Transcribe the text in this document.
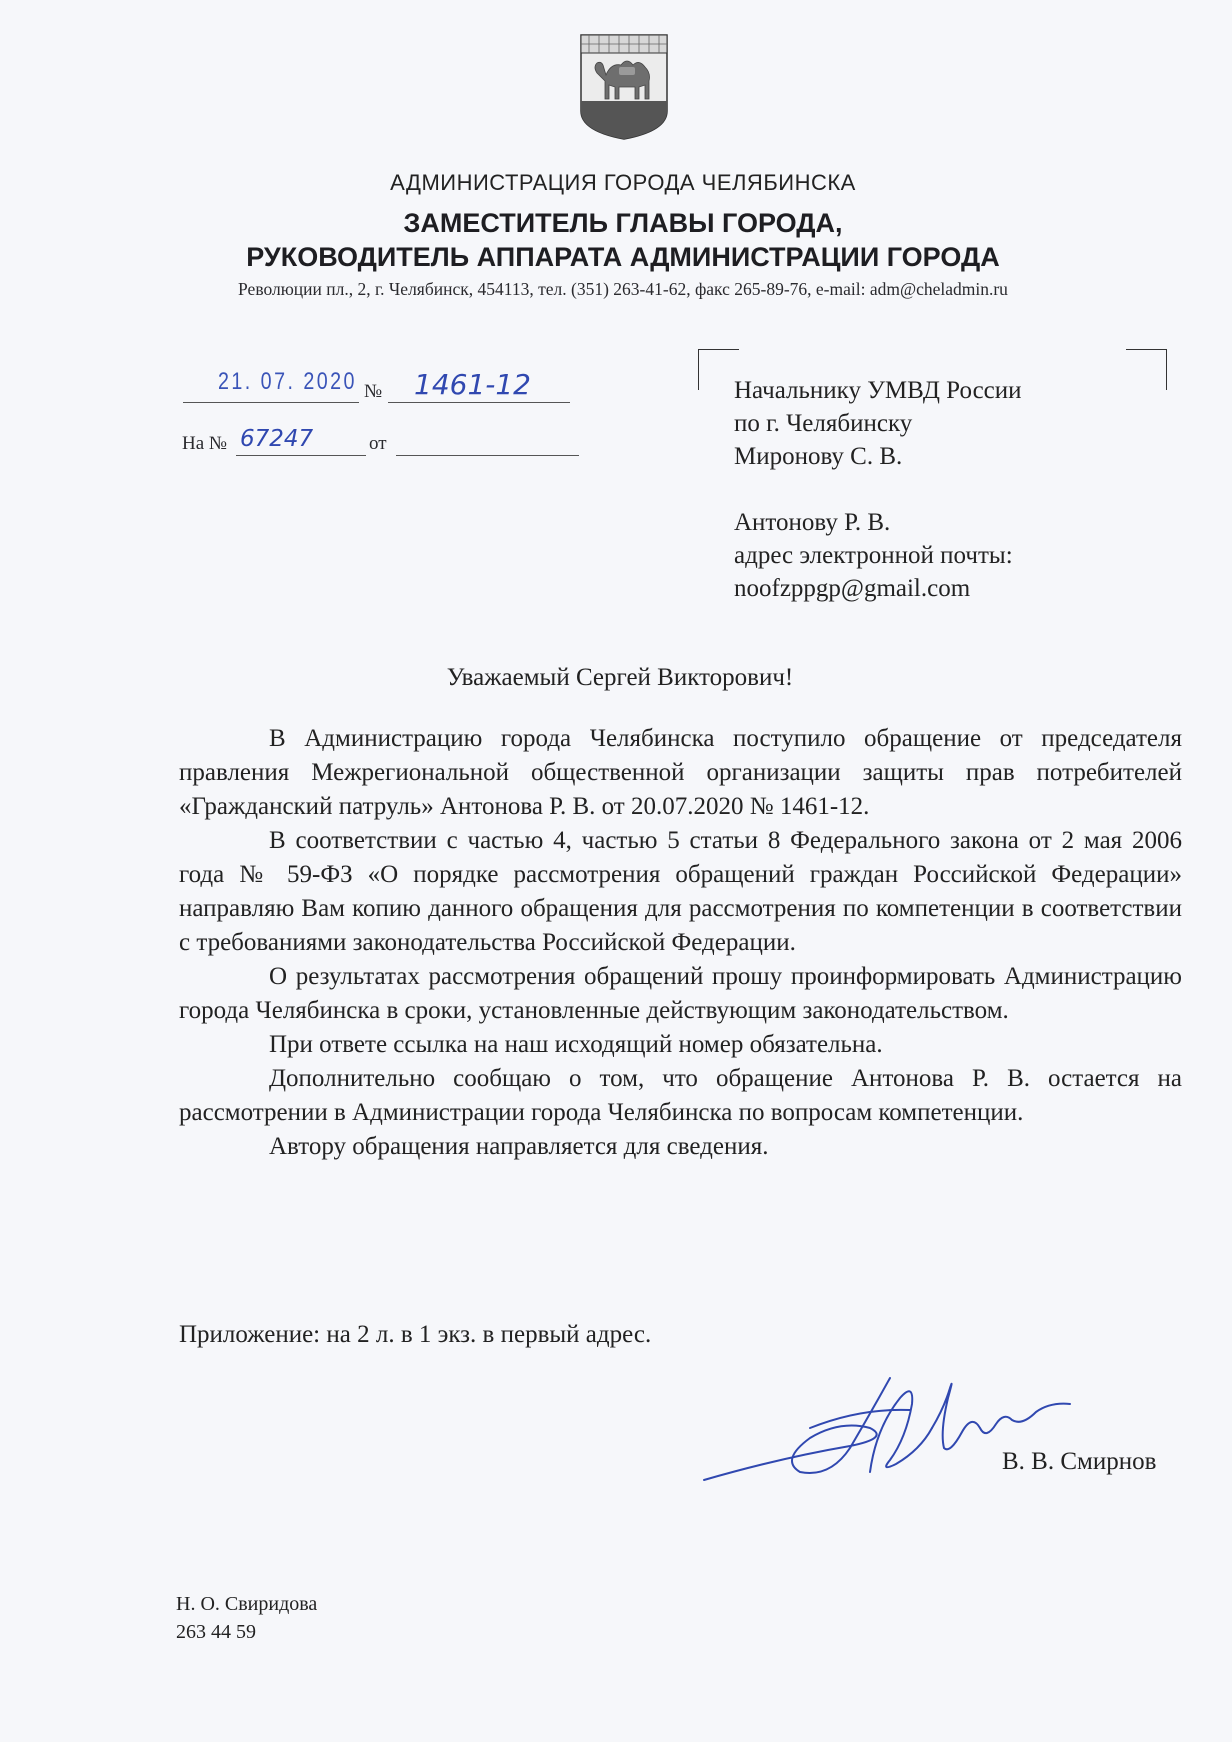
АДМИНИСТРАЦИЯ ГОРОДА ЧЕЛЯБИНСКА
ЗАМЕСТИТЕЛЬ ГЛАВЫ ГОРОДА,
РУКОВОДИТЕЛЬ АППАРАТА АДМИНИСТРАЦИИ ГОРОДА
Революции пл., 2, г. Челябинск, 454113, тел. (351) 263-41-62, факс 265-89-76, e-mail: adm@cheladmin.ru
21. 07. 2020 № 1461-12
На № 67247	от
Начальнику УМВД России
по г. Челябинску
Миронову С. В.
Антонову Р. В.
адрес электронной почты:
noofzppgp@gmail.com
Уважаемый Сергей Викторович!

В Администрацию города Челябинска поступило обращение от председателя правления Межрегиональной общественной организации защиты прав потребителей «Гражданский патруль» Антонова Р. В. от 20.07.2020 № 1461-12.

В соответствии с частью 4, частью 5 статьи 8 Федерального закона от 2 мая 2006 года № 59-ФЗ «О порядке рассмотрения обращений граждан Российской Федерации» направляю Вам копию данного обращения для рассмотрения по компетенции в соответствии с требованиями законодательства Российской Федерации.

О результатах рассмотрения обращений прошу проинформировать Администрацию города Челябинска в сроки, установленные действующим законодательством.

При ответе ссылка на наш исходящий номер обязательна.

Дополнительно сообщаю о том, что обращение Антонова Р. В. остается на рассмотрении в Администрации города Челябинска по вопросам компетенции.

Автору обращения направляется для сведения.

Приложение: на 2 л. в 1 экз. в первый адрес.
В. В. Смирнов
Н. О. Свиридова
263 44 59
